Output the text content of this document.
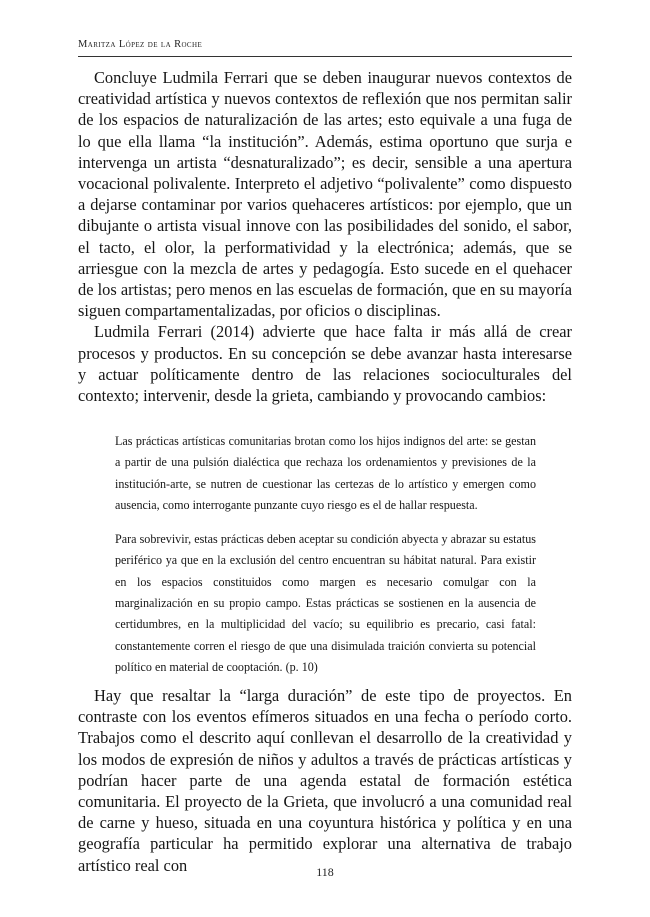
Maritza López de la Roche

Concluye Ludmila Ferrari que se deben inaugurar nuevos contextos de creatividad artística y nuevos contextos de reflexión que nos permitan salir de los espacios de naturalización de las artes; esto equivale a una fuga de lo que ella llama “la institución”. Además, estima oportuno que surja e intervenga un artista “desnaturalizado”; es decir, sensible a una apertura vocacional polivalente. Interpreto el adjetivo “polivalente” como dispuesto a dejarse contaminar por varios quehaceres artísticos: por ejemplo, que un dibujante o artista visual innove con las posibilidades del sonido, el sabor, el tacto, el olor, la performatividad y la electrónica; además, que se arriesgue con la mezcla de artes y pedagogía. Esto sucede en el quehacer de los artistas; pero menos en las escuelas de formación, que en su mayoría siguen compartamentalizadas, por oficios o disciplinas.

Ludmila Ferrari (2014) advierte que hace falta ir más allá de crear procesos y productos. En su concepción se debe avanzar hasta interesarse y actuar políticamente dentro de las relaciones socioculturales del contexto; intervenir, desde la grieta, cambiando y provocando cambios:

Las prácticas artísticas comunitarias brotan como los hijos indignos del arte: se gestan a partir de una pulsión dialéctica que rechaza los ordenamientos y previsiones de la institución-arte, se nutren de cuestionar las certezas de lo artístico y emergen como ausencia, como interrogante punzante cuyo riesgo es el de hallar respuesta.

Para sobrevivir, estas prácticas deben aceptar su condición abyecta y abrazar su estatus periférico ya que en la exclusión del centro encuentran su hábitat natural. Para existir en los espacios constituidos como margen es necesario comulgar con la marginalización en su propio campo. Estas prácticas se sostienen en la ausencia de certidumbres, en la multiplicidad del vacío; su equilibrio es precario, casi fatal: constantemente corren el riesgo de que una disimulada traición convierta su potencial político en material de cooptación. (p. 10)

Hay que resaltar la “larga duración” de este tipo de proyectos. En contraste con los eventos efímeros situados en una fecha o período corto. Trabajos como el descrito aquí conllevan el desarrollo de la creatividad y los modos de expresión de niños y adultos a través de prácticas artísticas y podrían hacer parte de una agenda estatal de formación estética comunitaria. El proyecto de la Grieta, que involucró a una comunidad real de carne y hueso, situada en una coyuntura histórica y política y en una geografía particular ha permitido explorar una alternativa de trabajo artístico real con	118
